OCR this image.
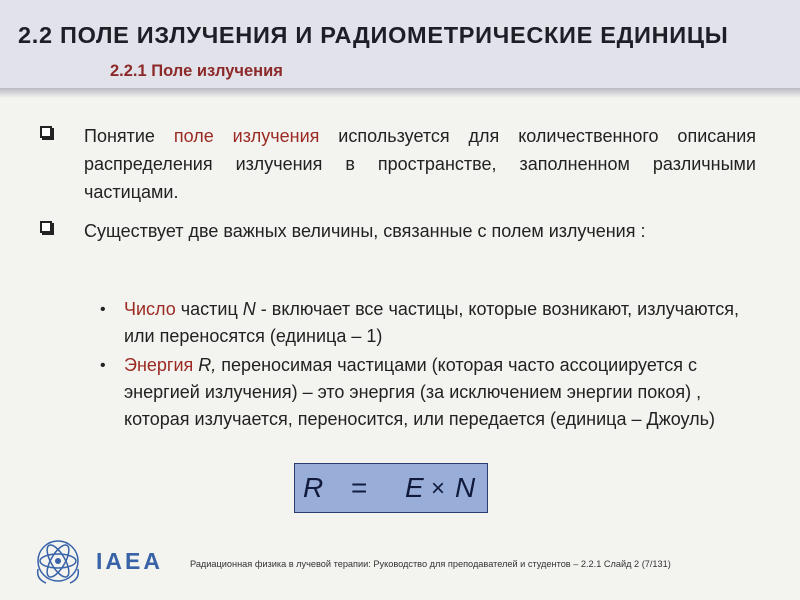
2.2 ПОЛЕ ИЗЛУЧЕНИЯ И РАДИОМЕТРИЧЕСКИЕ ЕДИНИЦЫ
2.2.1 Поле излучения
Понятие поле излучения используется для количественного описания распределения излучения в пространстве, заполненном различными частицами.
Существует две важных величины, связанные с полем излучения :
• Число частиц N - включает все частицы, которые возникают, излучаются, или переносятся (единица – 1)
• Энергия R, переносимая частицами (которая часто ассоциируется с энергией излучения) – это энергия (за исключением энергии покоя) , которая излучается, переносится, или передается (единица – Джоуль)
R = E × N

IAEA	Радиационная физика в лучевой терапии: Руководство для преподавателей и студентов – 2.2.1 Слайд 2 (7/131)
